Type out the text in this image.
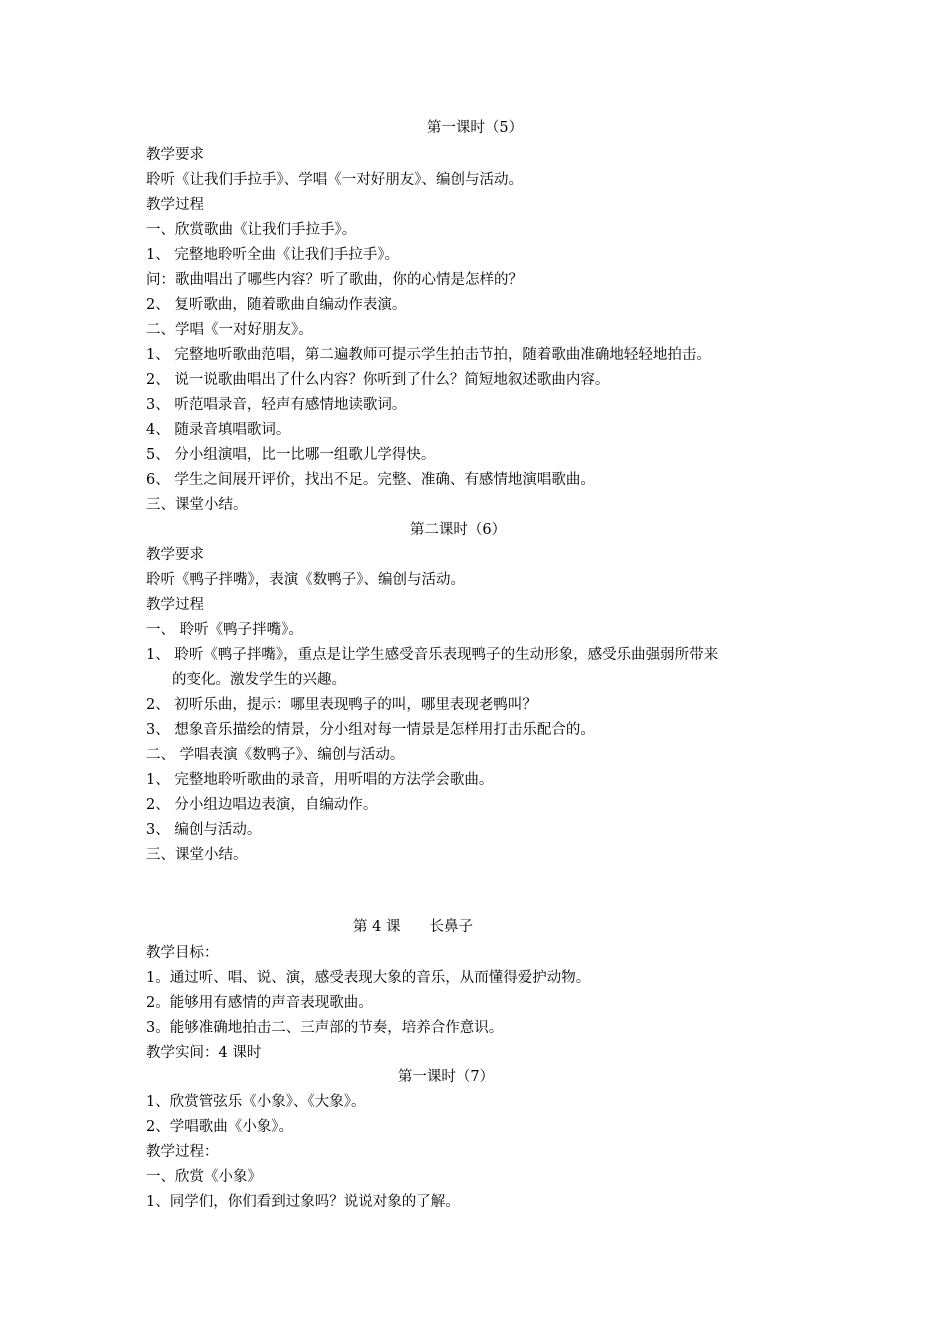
第一课时（5）
教学要求
聆听《让我们手拉手》、学唱《一对好朋友》、编创与活动。
教学过程
一、欣赏歌曲《让我们手拉手》。
1、 完整地聆听全曲《让我们手拉手》。
问：歌曲唱出了哪些内容？听了歌曲，你的心情是怎样的？
2、 复听歌曲，随着歌曲自编动作表演。
二、学唱《一对好朋友》。
1、 完整地听歌曲范唱，第二遍教师可提示学生拍击节拍，随着歌曲准确地轻轻地拍击。
2、 说一说歌曲唱出了什么内容？你听到了什么？简短地叙述歌曲内容。
3、 听范唱录音，轻声有感情地读歌词。
4、 随录音填唱歌词。
5、 分小组演唱，比一比哪一组歌儿学得快。
6、 学生之间展开评价，找出不足。完整、准确、有感情地演唱歌曲。
三、课堂小结。
第二课时（6）
教学要求
聆听《鸭子拌嘴》，表演《数鸭子》、编创与活动。
教学过程
一、 聆听《鸭子拌嘴》。
1、 聆听《鸭子拌嘴》，重点是让学生感受音乐表现鸭子的生动形象，感受乐曲强弱所带来
的变化。激发学生的兴趣。
2、 初听乐曲，提示：哪里表现鸭子的叫，哪里表现老鸭叫？
3、 想象音乐描绘的情景，分小组对每一情景是怎样用打击乐配合的。
二、 学唱表演《数鸭子》、编创与活动。
1、 完整地聆听歌曲的录音，用听唱的方法学会歌曲。
2、 分小组边唱边表演，自编动作。
3、 编创与活动。
三、课堂小结。
第 4 课　　长鼻子
教学目标：
1。通过听、唱、说、演，感受表现大象的音乐，从而懂得爱护动物。
2。能够用有感情的声音表现歌曲。
3。能够准确地拍击二、三声部的节奏，培养合作意识。
教学实间：4 课时
第一课时（7）
1、欣赏管弦乐《小象》、《大象》。
2、学唱歌曲《小象》。
教学过程：
一、欣赏《小象》
1、同学们，你们看到过象吗？说说对象的了解。
